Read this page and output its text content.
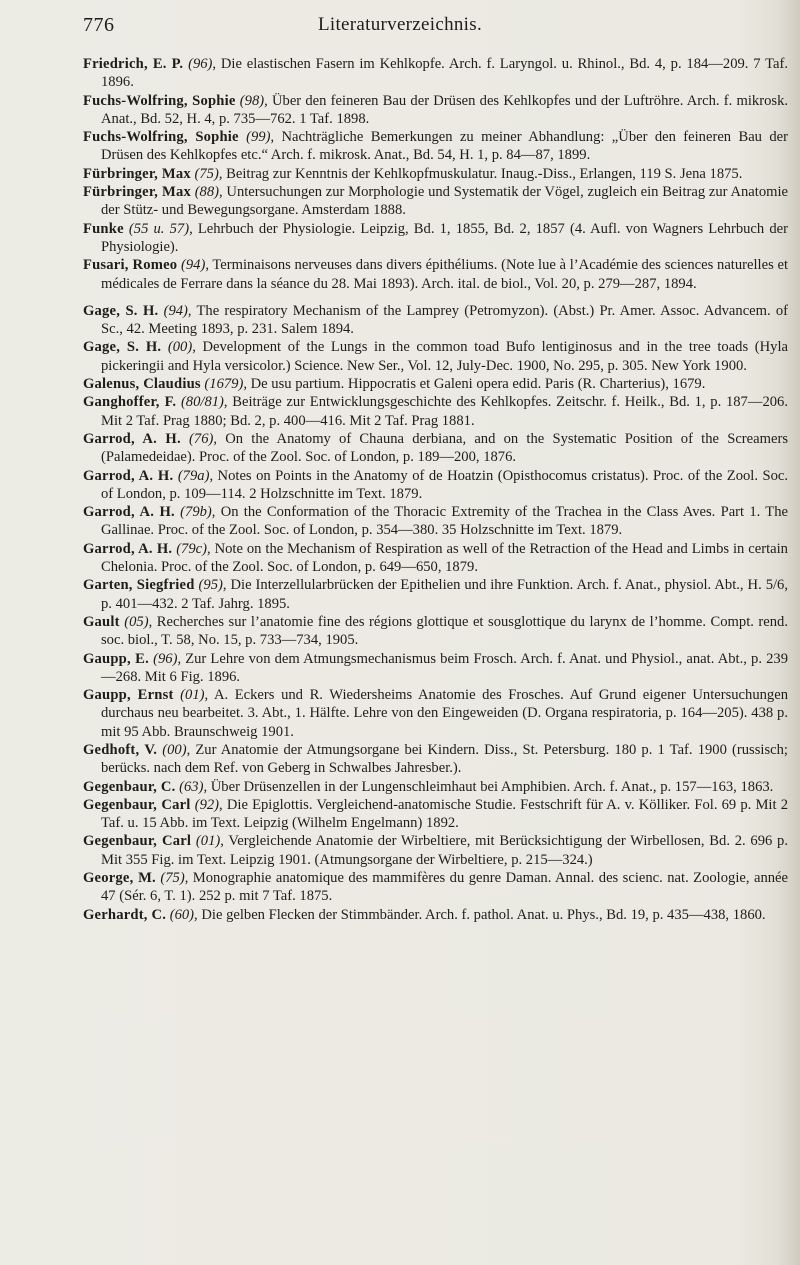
776	Literaturverzeichnis.
Friedrich, E. P. (96), Die elastischen Fasern im Kehlkopfe. Arch. f. Laryngol. u. Rhinol., Bd. 4, p. 184—209. 7 Taf. 1896.
Fuchs-Wolfring, Sophie (98), Über den feineren Bau der Drüsen des Kehlkopfes und der Luftröhre. Arch. f. mikrosk. Anat., Bd. 52, H. 4, p. 735—762. 1 Taf. 1898.
Fuchs-Wolfring, Sophie (99), Nachträgliche Bemerkungen zu meiner Abhandlung: „Über den feineren Bau der Drüsen des Kehlkopfes etc.“ Arch. f. mikrosk. Anat., Bd. 54, H. 1, p. 84—87, 1899.
Fürbringer, Max (75), Beitrag zur Kenntnis der Kehlkopfmuskulatur. Inaug.-Diss., Erlangen, 119 S. Jena 1875.
Fürbringer, Max (88), Untersuchungen zur Morphologie und Systematik der Vögel, zugleich ein Beitrag zur Anatomie der Stütz- und Bewegungsorgane. Amsterdam 1888.
Funke (55 u. 57), Lehrbuch der Physiologie. Leipzig, Bd. 1, 1855, Bd. 2, 1857 (4. Aufl. von Wagners Lehrbuch der Physiologie).
Fusari, Romeo (94), Terminaisons nerveuses dans divers épithéliums. (Note lue à l’Académie des sciences naturelles et médicales de Ferrare dans la séance du 28. Mai 1893). Arch. ital. de biol., Vol. 20, p. 279—287, 1894.
Gage, S. H. (94), The respiratory Mechanism of the Lamprey (Petromyzon). (Abst.) Pr. Amer. Assoc. Advancem. of Sc., 42. Meeting 1893, p. 231. Salem 1894.
Gage, S. H. (00), Development of the Lungs in the common toad Bufo lentiginosus and in the tree toads (Hyla pickeringii and Hyla versicolor.) Science. New Ser., Vol. 12, July-Dec. 1900, No. 295, p. 305. New York 1900.
Galenus, Claudius (1679), De usu partium. Hippocratis et Galeni opera edid. Paris (R. Charterius), 1679.
Ganghoffer, F. (80/81), Beiträge zur Entwicklungsgeschichte des Kehlkopfes. Zeitschr. f. Heilk., Bd. 1, p. 187—206. Mit 2 Taf. Prag 1880; Bd. 2, p. 400—416. Mit 2 Taf. Prag 1881.
Garrod, A. H. (76), On the Anatomy of Chauna derbiana, and on the Systematic Position of the Screamers (Palamedeidae). Proc. of the Zool. Soc. of London, p. 189—200, 1876.
Garrod, A. H. (79a), Notes on Points in the Anatomy of de Hoatzin (Opisthocomus cristatus). Proc. of the Zool. Soc. of London, p. 109—114. 2 Holzschnitte im Text. 1879.
Garrod, A. H. (79b), On the Conformation of the Thoracic Extremity of the Trachea in the Class Aves. Part 1. The Gallinae. Proc. of the Zool. Soc. of London, p. 354—380. 35 Holzschnitte im Text. 1879.
Garrod, A. H. (79c), Note on the Mechanism of Respiration as well of the Retraction of the Head and Limbs in certain Chelonia. Proc. of the Zool. Soc. of London, p. 649—650, 1879.
Garten, Siegfried (95), Die Interzellularbrücken der Epithelien und ihre Funktion. Arch. f. Anat., physiol. Abt., H. 5/6, p. 401—432. 2 Taf. Jahrg. 1895.
Gault (05), Recherches sur l’anatomie fine des régions glottique et sousglottique du larynx de l’homme. Compt. rend. soc. biol., T. 58, No. 15, p. 733—734, 1905.
Gaupp, E. (96), Zur Lehre von dem Atmungsmechanismus beim Frosch. Arch. f. Anat. und Physiol., anat. Abt., p. 239—268. Mit 6 Fig. 1896.
Gaupp, Ernst (01), A. Eckers und R. Wiedersheims Anatomie des Frosches. Auf Grund eigener Untersuchungen durchaus neu bearbeitet. 3. Abt., 1. Hälfte. Lehre von den Eingeweiden (D. Organa respiratoria, p. 164—205). 438 p. mit 95 Abb. Braunschweig 1901.
Gedhoft, V. (00), Zur Anatomie der Atmungsorgane bei Kindern. Diss., St. Petersburg. 180 p. 1 Taf. 1900 (russisch; berücks. nach dem Ref. von Geberg in Schwalbes Jahresber.).
Gegenbaur, C. (63), Über Drüsenzellen in der Lungenschleimhaut bei Amphibien. Arch. f. Anat., p. 157—163, 1863.
Gegenbaur, Carl (92), Die Epiglottis. Vergleichend-anatomische Studie. Festschrift für A. v. Kölliker. Fol. 69 p. Mit 2 Taf. u. 15 Abb. im Text. Leipzig (Wilhelm Engelmann) 1892.
Gegenbaur, Carl (01), Vergleichende Anatomie der Wirbeltiere, mit Berücksichtigung der Wirbellosen, Bd. 2. 696 p. Mit 355 Fig. im Text. Leipzig 1901. (Atmungsorgane der Wirbeltiere, p. 215—324.)
George, M. (75), Monographie anatomique des mammifères du genre Daman. Annal. des scienc. nat. Zoologie, année 47 (Sér. 6, T. 1). 252 p. mit 7 Taf. 1875.
Gerhardt, C. (60), Die gelben Flecken der Stimmbänder. Arch. f. pathol. Anat. u. Phys., Bd. 19, p. 435—438, 1860.
